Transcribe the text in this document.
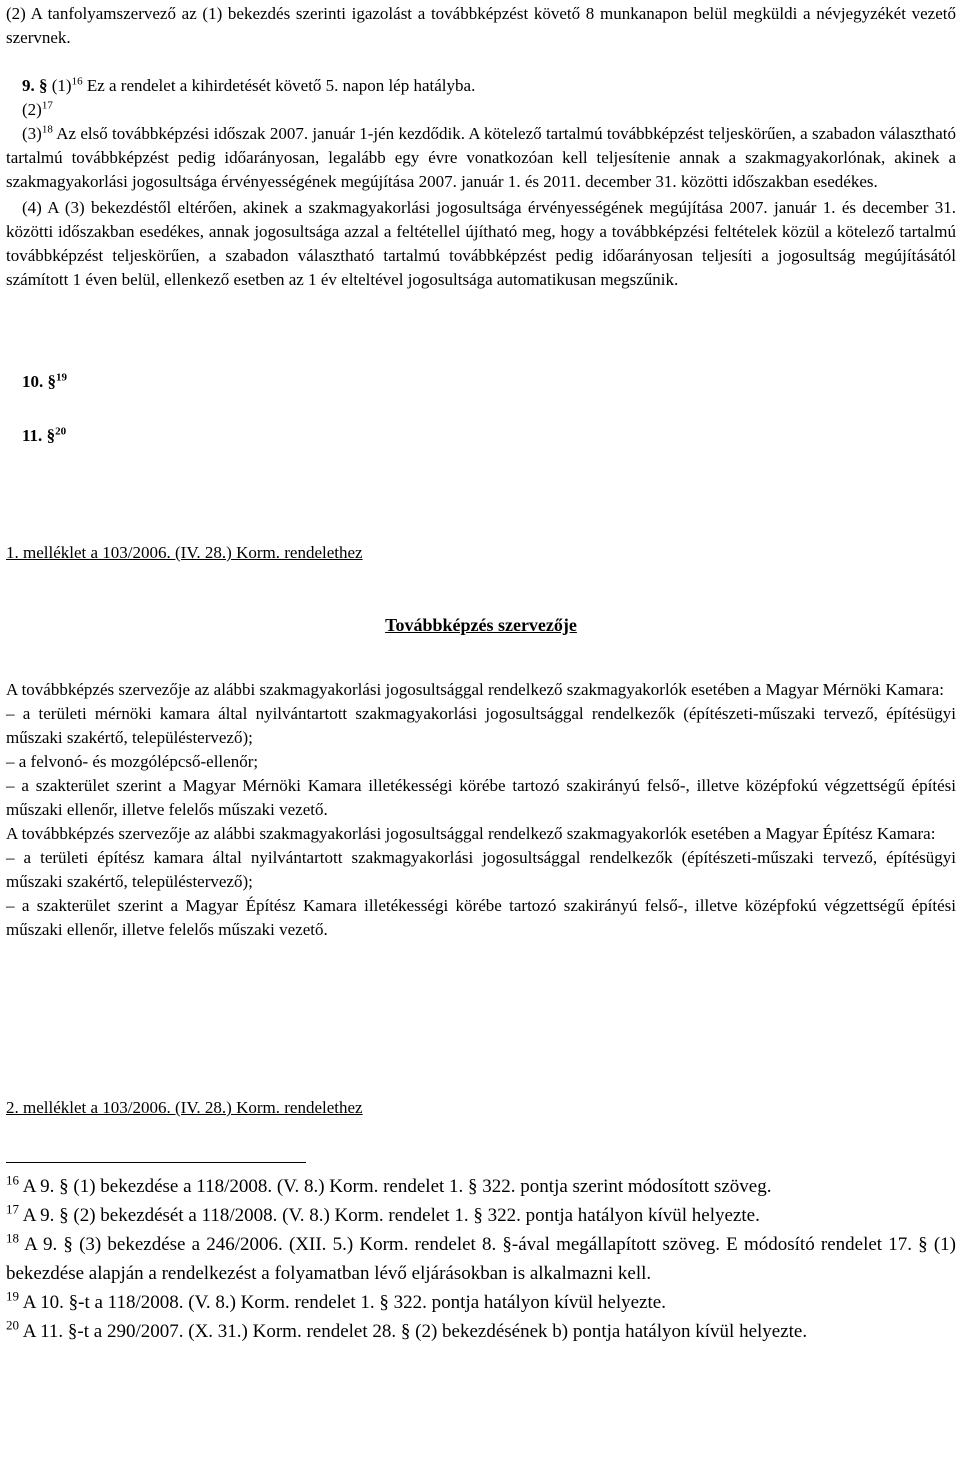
(2) A tanfolyamszervező az (1) bekezdés szerinti igazolást a továbbképzést követő 8 munkanapon belül megküldi a névjegyzékét vezető szervnek.

9. § $(1)^{16}$ Ez a rendelet a kihirdetését követő 5. napon lép hatályba.

$(2)^{17}$

$(3)^{18}$ Az első továbbképzési időszak 2007. január 1-jén kezdődik. A kötelező tartalmú továbbképzést teljeskörűen, a szabadon választható tartalmú továbbképzést pedig időarányosan, legalább egy évre vonatkozóan kell teljesítenie annak a szakmagyakorlónak, akinek a szakmagyakorlási jogosultsága érvényességének megújítása 2007. január 1. és 2011. december 31. közötti időszakban esedékes.

(4) A (3) bekezdéstől eltérően, akinek a szakmagyakorlási jogosultsága érvényességének megújítása 2007. január 1. és december 31. közötti időszakban esedékes, annak jogosultsága azzal a feltétellel újítható meg, hogy a továbbképzési feltételek közül a kötelező tartalmú továbbképzést teljeskörűen, a szabadon választható tartalmú továbbképzést pedig időarányosan teljesíti a jogosultság megújításától számított 1 éven belül, ellenkező esetben az 1 év elteltével jogosultsága automatikusan megszűnik.

10. §$^{19}$

11. §$^{20}$

1. melléklet a 103/2006. (IV. 28.) Korm. rendelethez

Továbbképzés szervezője

A továbbképzés szervezője az alábbi szakmagyakorlási jogosultsággal rendelkező szakmagyakorlók esetében a Magyar Mérnöki Kamara:

– a területi mérnöki kamara által nyilvántartott szakmagyakorlási jogosultsággal rendelkezők (építészeti-műszaki tervező, építésügyi műszaki szakértő, településtervező);

– a felvonó- és mozgólépcső-ellenőr;

– a szakterület szerint a Magyar Mérnöki Kamara illetékességi körébe tartozó szakirányú felső-, illetve középfokú végzettségű építési műszaki ellenőr, illetve felelős műszaki vezető.

A továbbképzés szervezője az alábbi szakmagyakorlási jogosultsággal rendelkező szakmagyakorlók esetében a Magyar Építész Kamara:

– a területi építész kamara által nyilvántartott szakmagyakorlási jogosultsággal rendelkezők (építészeti-műszaki tervező, építésügyi műszaki szakértő, településtervező);

– a szakterület szerint a Magyar Építész Kamara illetékességi körébe tartozó szakirányú felső-, illetve középfokú végzettségű építési műszaki ellenőr, illetve felelős műszaki vezető.

2. melléklet a 103/2006. (IV. 28.) Korm. rendelethez

$^{16}$ A 9. § (1) bekezdése a 118/2008. (V. 8.) Korm. rendelet 1. § 322. pontja szerint módosított szöveg.

$^{17}$ A 9. § (2) bekezdését a 118/2008. (V. 8.) Korm. rendelet 1. § 322. pontja hatályon kívül helyezte.

$^{18}$ A 9. § (3) bekezdése a 246/2006. (XII. 5.) Korm. rendelet 8. §-ával megállapított szöveg. E módosító rendelet 17. § (1) bekezdése alapján a rendelkezést a folyamatban lévő eljárásokban is alkalmazni kell.

$^{19}$ A 10. §-t a 118/2008. (V. 8.) Korm. rendelet 1. § 322. pontja hatályon kívül helyezte.

$^{20}$ A 11. §-t a 290/2007. (X. 31.) Korm. rendelet 28. § (2) bekezdésének b) pontja hatályon kívül helyezte.
